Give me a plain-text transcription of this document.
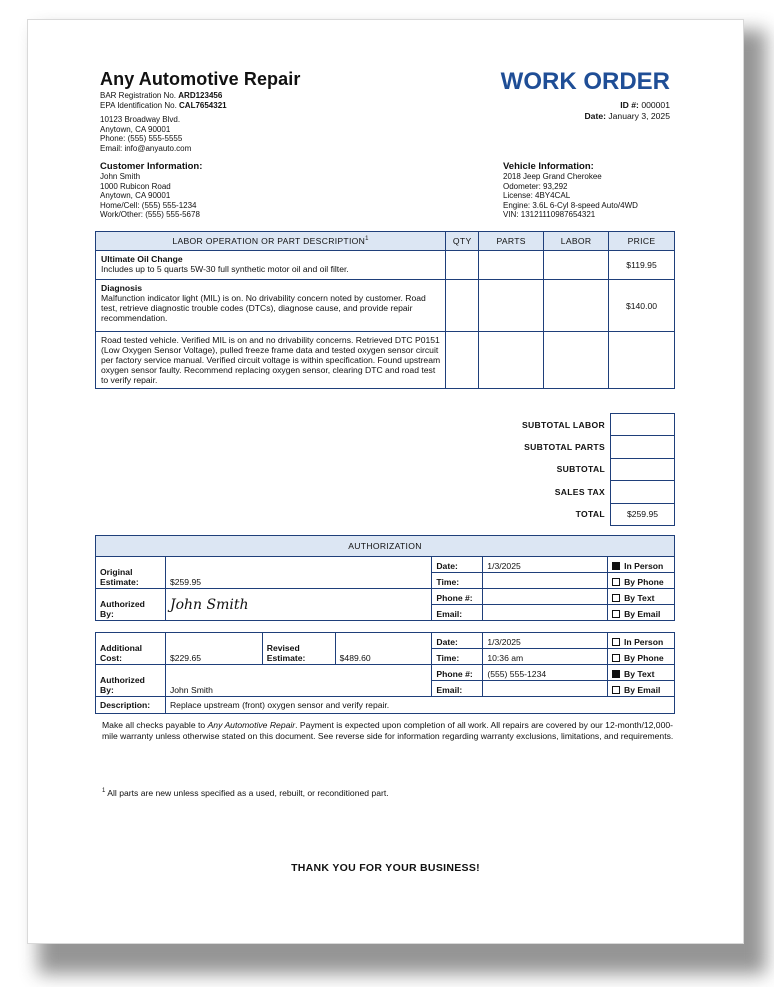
Any Automotive Repair
BAR Registration No. ARD123456
EPA Identification No. CAL7654321
10123 Broadway Blvd.
Anytown, CA 90001
Phone: (555) 555-5555
Email: info@anyauto.com
WORK ORDER
ID #: 000001
Date: January 3, 2025
Customer Information:
John Smith
1000 Rubicon Road
Anytown, CA 90001
Home/Cell: (555) 555-1234
Work/Other: (555) 555-5678
Vehicle Information:
2018 Jeep Grand Cherokee
Odometer: 93,292
License: 4BY4CAL
Engine: 3.6L 6-Cyl 8-speed Auto/4WD
VIN: 13121110987654321
LABOR OPERATION OR PART DESCRIPTION$^1$	QTY	PARTS	LABOR	PRICE

Ultimate Oil Change
Includes up to 5 quarts 5W-30 full synthetic motor oil and oil filter.				$119.95

Diagnosis
Malfunction indicator light (MIL) is on. No drivability concern noted by customer. Road test, retrieve diagnostic trouble codes (DTCs), diagnose cause, and provide repair recommendation.				$140.00

Road tested vehicle. Verified MIL is on and no drivability concerns. Retrieved DTC P0151 (Low Oxygen Sensor Voltage), pulled freeze frame data and tested oxygen sensor circuit per factory service manual. Verified circuit voltage is within specification. Found upstream oxygen sensor faulty. Recommend replacing oxygen sensor, clearing DTC and road test to verify repair.				

SUBTOTAL LABOR	
SUBTOTAL PARTS	
SUBTOTAL	
SALES TAX	
TOTAL	$259.95
AUTHORIZATION				
Original Estimate:	$259.95	Date:	1/3/2025	In Person
		Time:		By Phone
Authorized By:	John Smith	Phone #:		By Text
		Email:		By Email
Additional Cost:	$229.65	Revised Estimate:	$489.60	Date:	1/3/2025	In Person
				Time:	10:36 am	By Phone
Authorized By:	John Smith			Phone #:	(555) 555-1234	By Text
				Email:		By Email
Description:	Replace upstream (front) oxygen sensor and verify repair.					
Make all checks payable to Any Automotive Repair. Payment is expected upon completion of all work. All repairs are covered by our 12-month/12,000-mile warranty unless otherwise stated on this document. See reverse side for information regarding warranty exclusions, limitations, and requirements.
$^1$ All parts are new unless specified as a used, rebuilt, or reconditioned part.
THANK YOU FOR YOUR BUSINESS!
